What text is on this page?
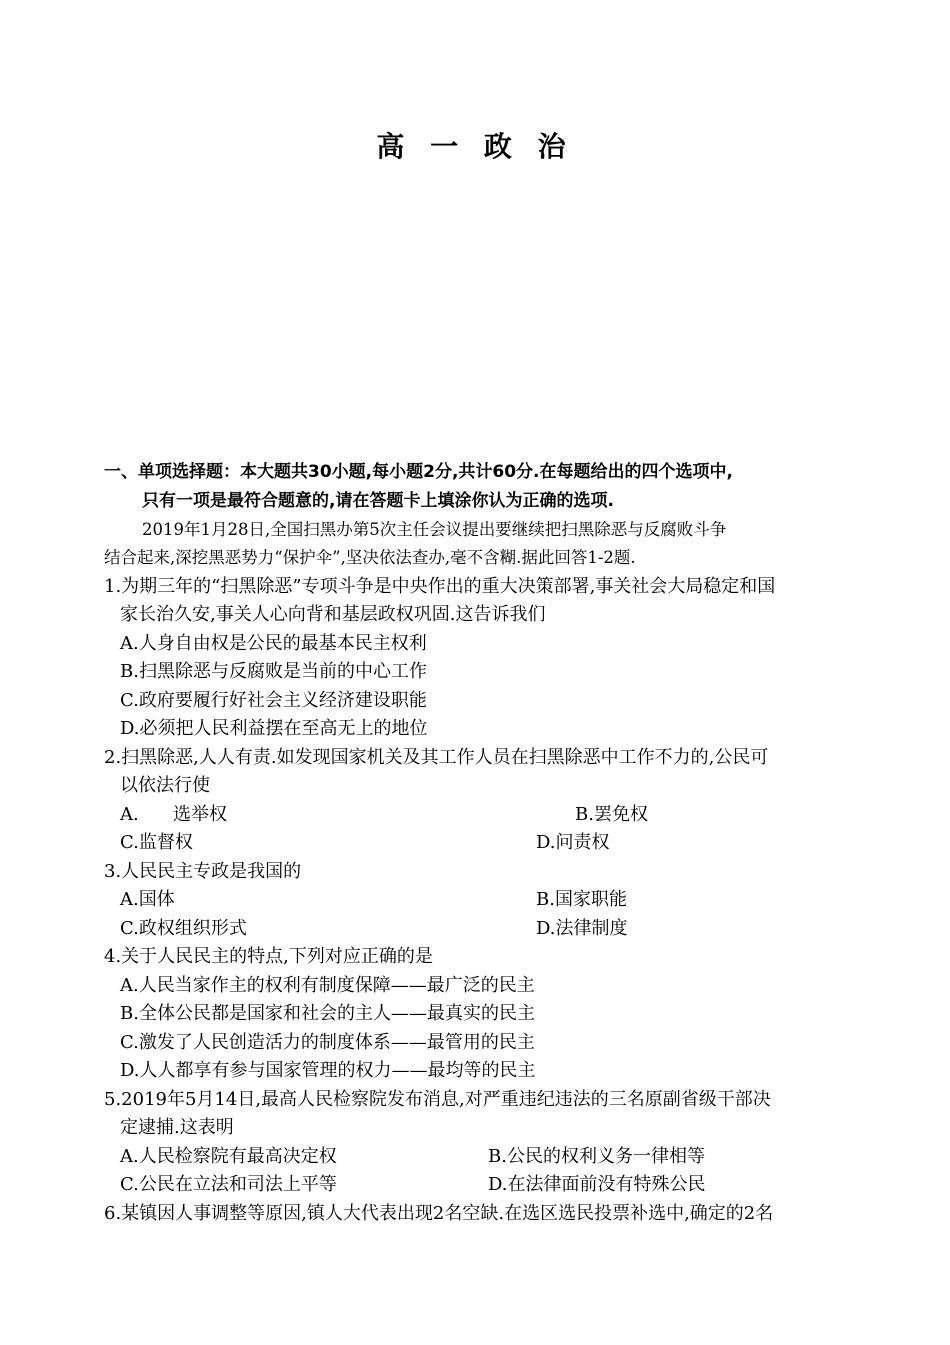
高 一 政 治
一、单项选择题：本大题共30小题,每小题2分,共计60分.在每题给出的四个选项中,
只有一项是最符合题意的,请在答题卡上填涂你认为正确的选项.
2019年1月28日,全国扫黑办第5次主任会议提出要继续把扫黑除恶与反腐败斗争
结合起来,深挖黑恶势力“保护伞”,坚决依法查办,毫不含糊.据此回答1-2题.
1.为期三年的“扫黑除恶”专项斗争是中央作出的重大决策部署,事关社会大局稳定和国
家长治久安,事关人心向背和基层政权巩固.这告诉我们
A.人身自由权是公民的最基本民主权利
B.扫黑除恶与反腐败是当前的中心工作
C.政府要履行好社会主义经济建设职能
D.必须把人民利益摆在至高无上的地位
2.扫黑除恶,人人有责.如发现国家机关及其工作人员在扫黑除恶中工作不力的,公民可
以依法行使
A.      选举权	B.罢免权
C.监督权	D.问责权
3.人民民主专政是我国的
A.国体	B.国家职能
C.政权组织形式	D.法律制度
4.关于人民民主的特点,下列对应正确的是
A.人民当家作主的权利有制度保障——最广泛的民主
B.全体公民都是国家和社会的主人——最真实的民主
C.激发了人民创造活力的制度体系——最管用的民主
D.人人都享有参与国家管理的权力——最均等的民主
5.2019年5月14日,最高人民检察院发布消息,对严重违纪违法的三名原副省级干部决
定逮捕.这表明
A.人民检察院有最高决定权	B.公民的权利义务一律相等
C.公民在立法和司法上平等	D.在法律面前没有特殊公民
6.某镇因人事调整等原因,镇人大代表出现2名空缺.在选区选民投票补选中,确定的2名
